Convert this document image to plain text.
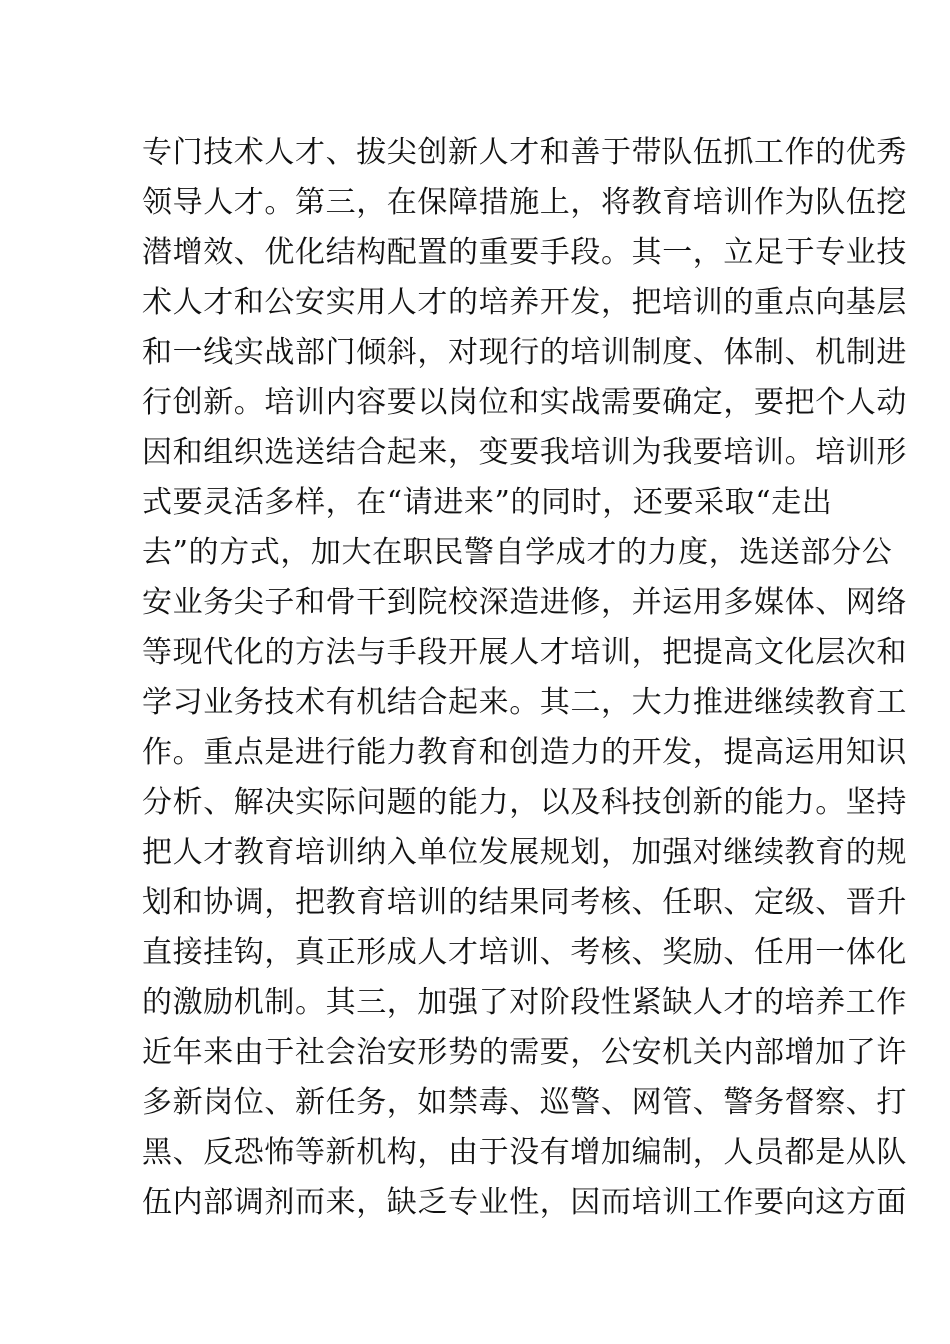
专门技术人才、拔尖创新人才和善于带队伍抓工作的优秀
领导人才。第三，在保障措施上，将教育培训作为队伍挖
潜增效、优化结构配置的重要手段。其一，立足于专业技
术人才和公安实用人才的培养开发，把培训的重点向基层
和一线实战部门倾斜，对现行的培训制度、体制、机制进
行创新。培训内容要以岗位和实战需要确定，要把个人动
因和组织选送结合起来，变要我培训为我要培训。培训形
式要灵活多样，在“请进来”的同时，还要采取“走出
去”的方式，加大在职民警自学成才的力度，选送部分公
安业务尖子和骨干到院校深造进修，并运用多媒体、网络
等现代化的方法与手段开展人才培训，把提高文化层次和
学习业务技术有机结合起来。其二，大力推进继续教育工
作。重点是进行能力教育和创造力的开发，提高运用知识
分析、解决实际问题的能力，以及科技创新的能力。坚持
把人才教育培训纳入单位发展规划，加强对继续教育的规
划和协调，把教育培训的结果同考核、任职、定级、晋升
直接挂钩，真正形成人才培训、考核、奖励、任用一体化
的激励机制。其三，加强了对阶段性紧缺人才的培养工作
近年来由于社会治安形势的需要，公安机关内部增加了许
多新岗位、新任务，如禁毒、巡警、网管、警务督察、打
黑、反恐怖等新机构，由于没有增加编制，人员都是从队
伍内部调剂而来，缺乏专业性，因而培训工作要向这方面
